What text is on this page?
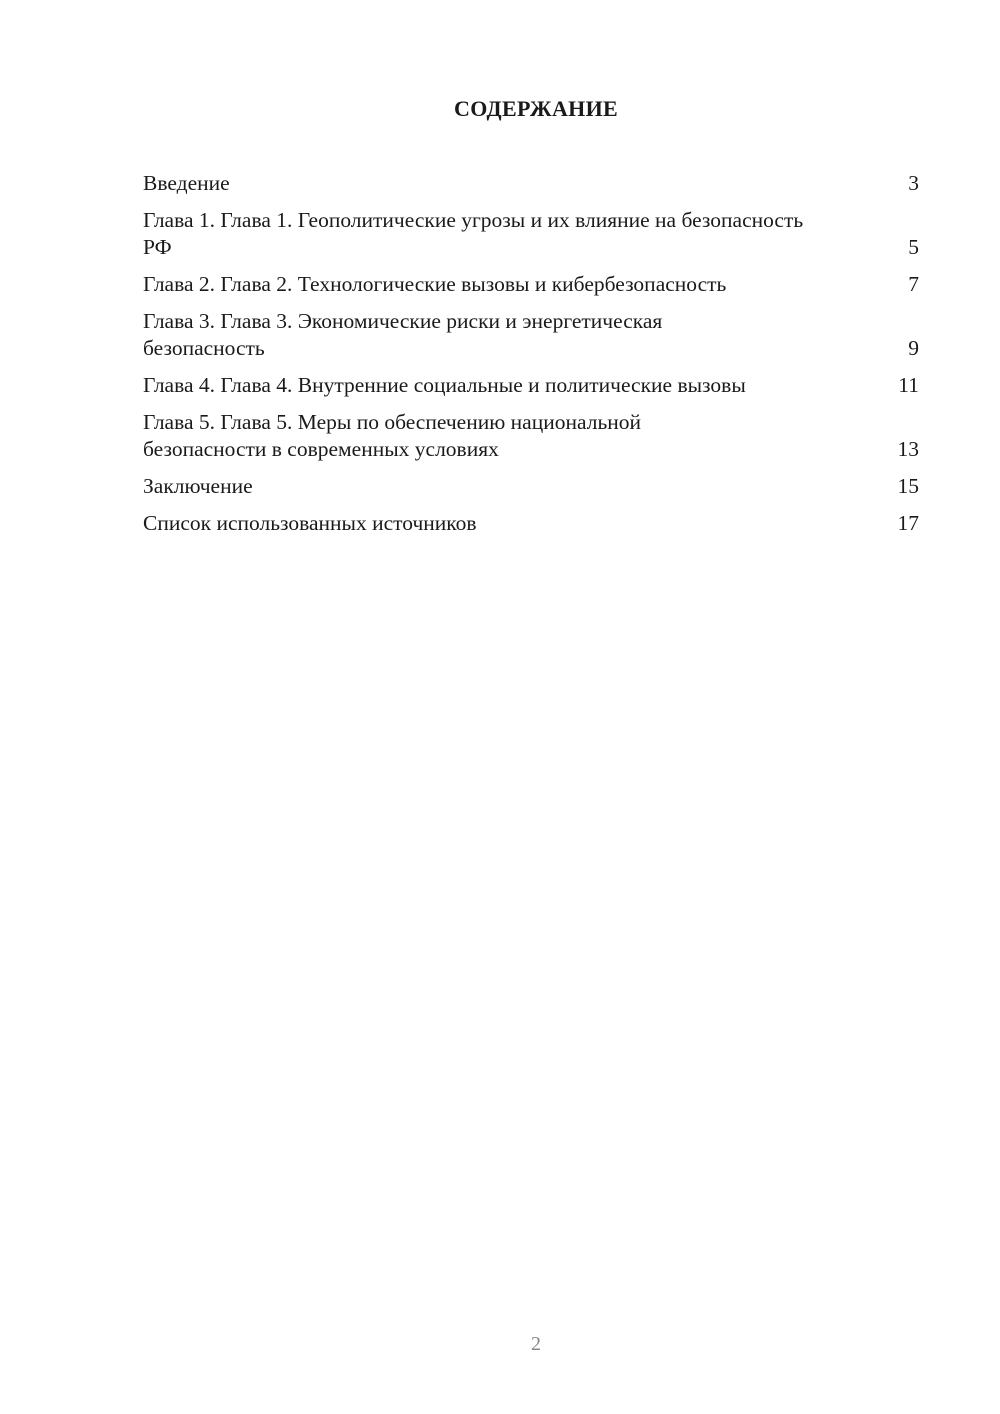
СОДЕРЖАНИЕ
Введение	3
Глава 1. Глава 1. Геополитические угрозы и их влияние на безопасность РФ	5
Глава 2. Глава 2. Технологические вызовы и кибербезопасность	7
Глава 3. Глава 3. Экономические риски и энергетическая безопасность	9
Глава 4. Глава 4. Внутренние социальные и политические вызовы	11
Глава 5. Глава 5. Меры по обеспечению национальной безопасности в современных условиях	13
Заключение	15
Список использованных источников	17
2
